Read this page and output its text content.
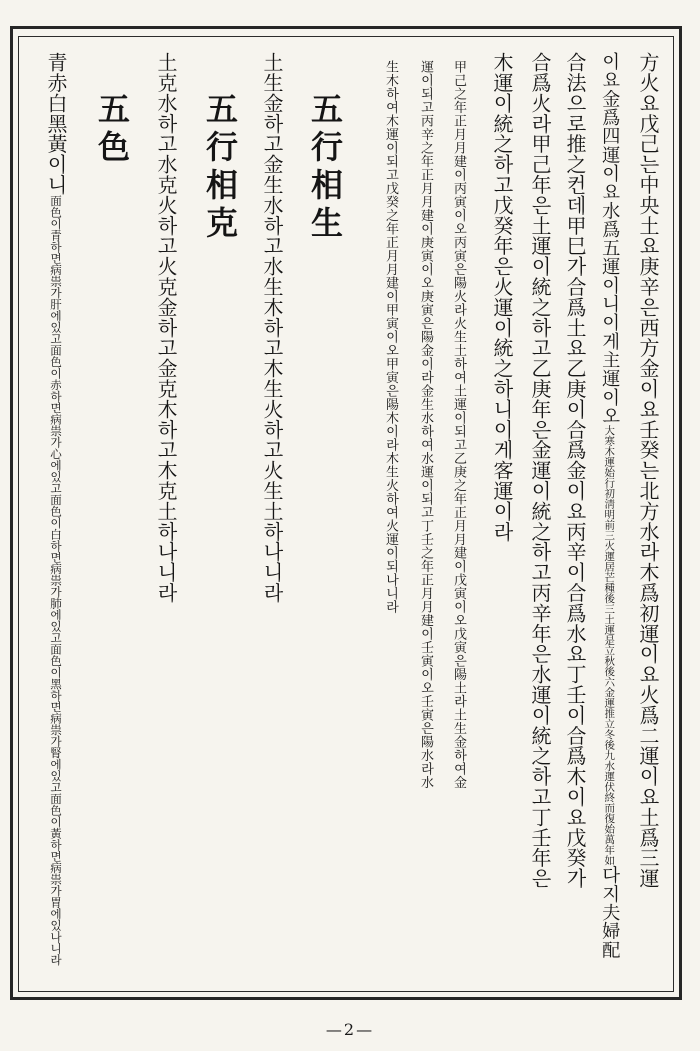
方火요戊己는中央土요庚辛은西方金이요壬癸는北方水라木爲初運이요火爲二運이요土爲三運
이요金爲四運이요水爲五運이니이게主運이오
大寒木運始行初淸明前三火運居芒種後三土運是
立秋後六金運推立冬後九水運伏終而復始萬年如
다지夫婦配
合法으로推之컨데甲巳가合爲土요乙庚이合爲金이요丙辛이合爲水요丁壬이合爲木이요戊癸가
合爲火라甲己年은土運이統之하고乙庚年은金運이統之하고丙辛年은水運이統之하고丁壬年은
木運이統之하고戊癸年은火運이統之하니이게客運이라
甲己之年正月月建이丙寅이오丙寅은陽火라火生土하여土運이되고乙庚之年正月月建이戊寅이오戊寅은陽土라土生金하여金
運이되고丙辛之年正月月建이庚寅이오庚寅은陽金이라金生水하여水運이되고丁壬之年正月月建이壬寅이오壬寅은陽水라水
生木하여木運이되고戊癸之年正月月建이甲寅이오甲寅은陽木이라木生火하여火運이되나니라
五行相生
土生金하고金生水하고水生木하고木生火하고火生土하나니라
五行相克
土克水하고水克火하고火克金하고金克木하고木克土하나니라
五色
青赤白黑黃이니
面色이青하면病祟가肝에있고面色이赤하면病祟가心에있고面色이白하면病祟
가肺에있고面色이黑하면病祟가腎에있고面色이黃하면病祟가胃에있나니라
—2—
